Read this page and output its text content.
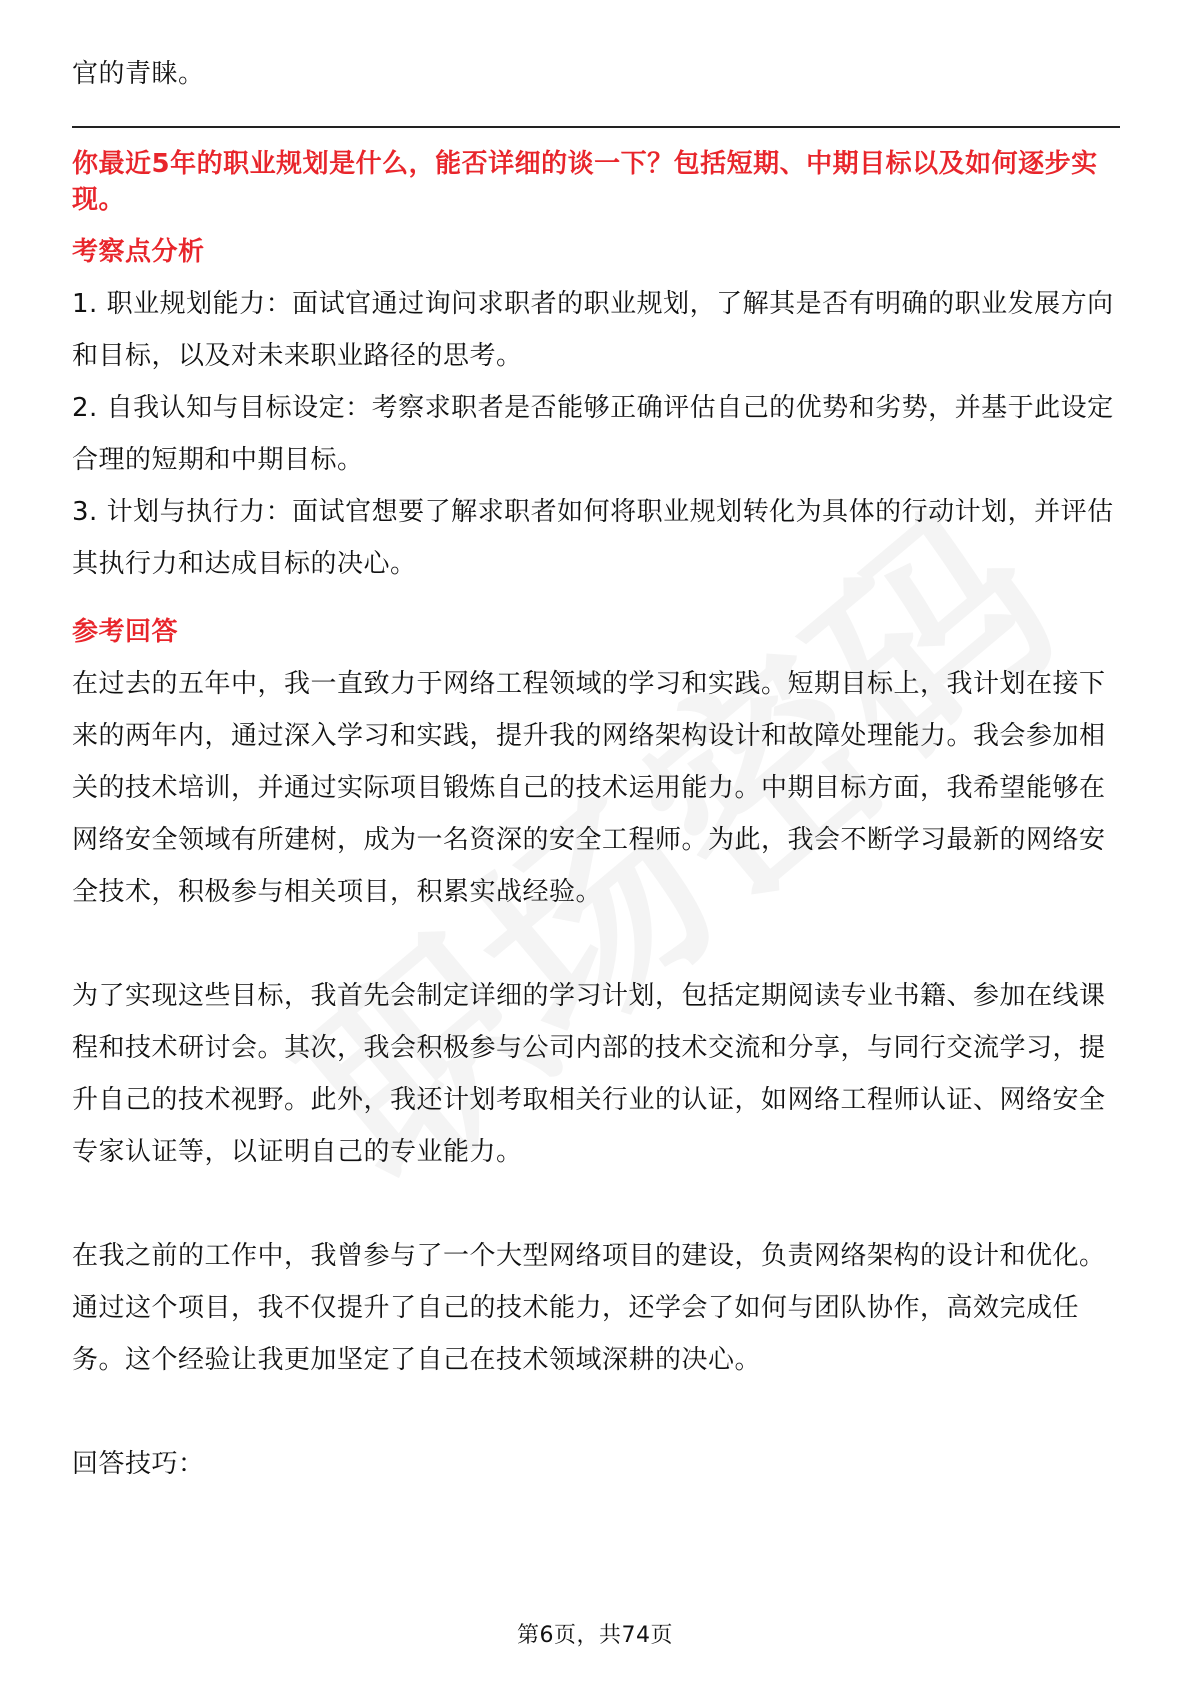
官的青睐。

你最近5年的职业规划是什么，能否详细的谈一下？包括短期、中期目标以及如何逐步实现。

考察点分析

1. 职业规划能力：面试官通过询问求职者的职业规划，了解其是否有明确的职业发展方向和目标，以及对未来职业路径的思考。

2. 自我认知与目标设定：考察求职者是否能够正确评估自己的优势和劣势，并基于此设定合理的短期和中期目标。

3. 计划与执行力：面试官想要了解求职者如何将职业规划转化为具体的行动计划，并评估其执行力和达成目标的决心。

参考回答

在过去的五年中，我一直致力于网络工程领域的学习和实践。短期目标上，我计划在接下来的两年内，通过深入学习和实践，提升我的网络架构设计和故障处理能力。我会参加相关的技术培训，并通过实际项目锻炼自己的技术运用能力。中期目标方面，我希望能够在网络安全领域有所建树，成为一名资深的安全工程师。为此，我会不断学习最新的网络安全技术，积极参与相关项目，积累实战经验。

为了实现这些目标，我首先会制定详细的学习计划，包括定期阅读专业书籍、参加在线课程和技术研讨会。其次，我会积极参与公司内部的技术交流和分享，与同行交流学习，提升自己的技术视野。此外，我还计划考取相关行业的认证，如网络工程师认证、网络安全专家认证等，以证明自己的专业能力。

在我之前的工作中，我曾参与了一个大型网络项目的建设，负责网络架构的设计和优化。通过这个项目，我不仅提升了自己的技术能力，还学会了如何与团队协作，高效完成任务。这个经验让我更加坚定了自己在技术领域深耕的决心。

回答技巧：

第6页，共74页
